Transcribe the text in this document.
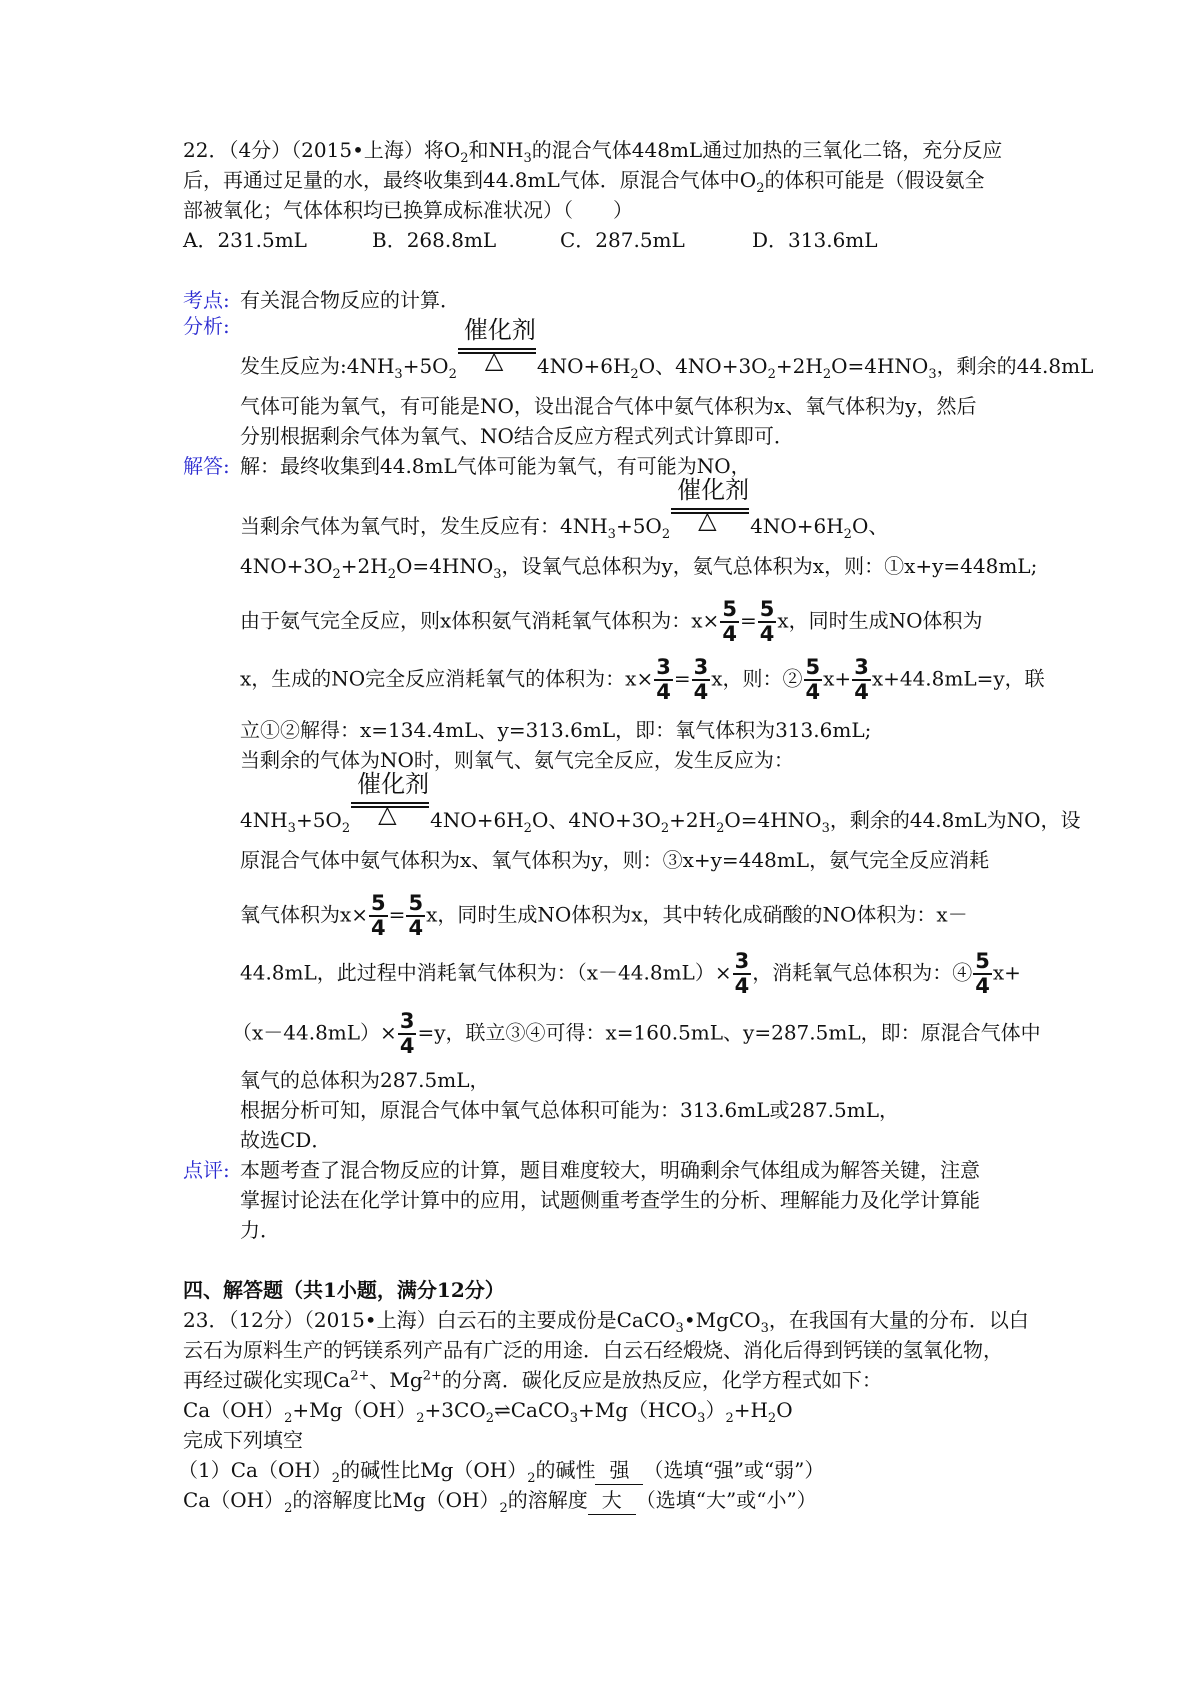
22．（4分）（2015•上海）将$O_2$和$NH_3$的混合气体448mL通过加热的三氧化二铬，充分反应
后，再通过足量的水，最终收集到44.8mL气体．原混合气体中$O_2$的体积可能是（假设氨全
部被氧化；气体体积均已换算成标准状况）（　　）
A．231.5mL	B．268.8mL	C．287.5mL	D．313.6mL
考点: 有关混合物反应的计算．
分析:
发生反应为$:4NH_3+5O_2$
催化剂
△ $4NO+6H_2O$、$4NO+3O_2+2H_2O=4HNO_3$，剩余的44.8mL
气体可能为氧气，有可能是NO，设出混合气体中氨气体积为x、氧气体积为y，然后
分别根据剩余气体为氧气、NO结合反应方程式列式计算即可．
解答: 解：最终收集到44.8mL气体可能为氧气，有可能为NO，
当剩余气体为氧气时，发生反应有：$4NH_3+5O_2$
催化剂
△ $4NO+6H_2O$、
$4NO+3O_2+2H_2O=4HNO_3$，设氧气总体积为y，氨气总体积为x，则：①x+y=448mL;
由于氨气完全反应，则x体积氨气消耗氧气体积为：$x\times \frac{5}{4} = \frac{5}{4}$ x，同时生成NO体积为
x，生成的NO完全反应消耗氧气的体积为：$x\times \frac{3}{4} = \frac{3}{4}$ x，则：② $\frac{5}{4} x+ \frac{3}{4} x+44.8mL=y$，联
立①②解得：x=134.4mL、y=313.6mL，即：氧气体积为313.6mL;
当剩余的气体为NO时，则氧气、氨气完全反应，发生反应为：
$4NH_3+5O_2$
催化剂
△ $4NO+6H_2O$、$4NO+3O_2+2H_2O=4HNO_3$，剩余的44.8mL为NO，设
原混合气体中氨气体积为x、氧气体积为y，则：③x+y=448mL，氨气完全反应消耗
氧气体积为$x\times \frac{5}{4} = \frac{5}{4}$ x，同时生成NO体积为x，其中转化成硝酸的NO体积为：x－
44.8mL，此过程中消耗氧气体积为：$(x-44.8mL)\times \frac{3}{4}$ ，消耗氧气总体积为：④ $\frac{5}{4} x+$
$(x-44.8mL)\times \frac{3}{4} =y$，联立③④可得：x=160.5mL、y=287.5mL，即：原混合气体中
氧气的总体积为287.5mL，
根据分析可知，原混合气体中氧气总体积可能为：313.6mL或287.5mL，
故选CD．
点评: 本题考查了混合物反应的计算，题目难度较大，明确剩余气体组成为解答关键，注意
掌握讨论法在化学计算中的应用，试题侧重考查学生的分析、理解能力及化学计算能
力．
四、解答题（共1小题，满分12分）
23．（12分）（2015•上海）白云石的主要成份是CaCO$_3$•MgCO$_3$，在我国有大量的分布．以白
云石为原料生产的钙镁系列产品有广泛的用途．白云石经煅烧、消化后得到钙镁的氢氧化物，
再经过碳化实现$Ca^{2+}$、$Mg^{2+}$的分离．碳化反应是放热反应，化学方程式如下：
$Ca(OH)_2+Mg(OH)_2+3CO_2\rightleftharpoons CaCO_3+Mg(HCO_3)_2+H_2O$
完成下列填空
$(1)Ca(OH)_2$的碱性比$Mg(OH)_2$的碱性 强 （选填“强”或“弱”）
$Ca(OH)_2$的溶解度比$Mg(OH)_2$的溶解度 大 （选填“大”或“小”）
